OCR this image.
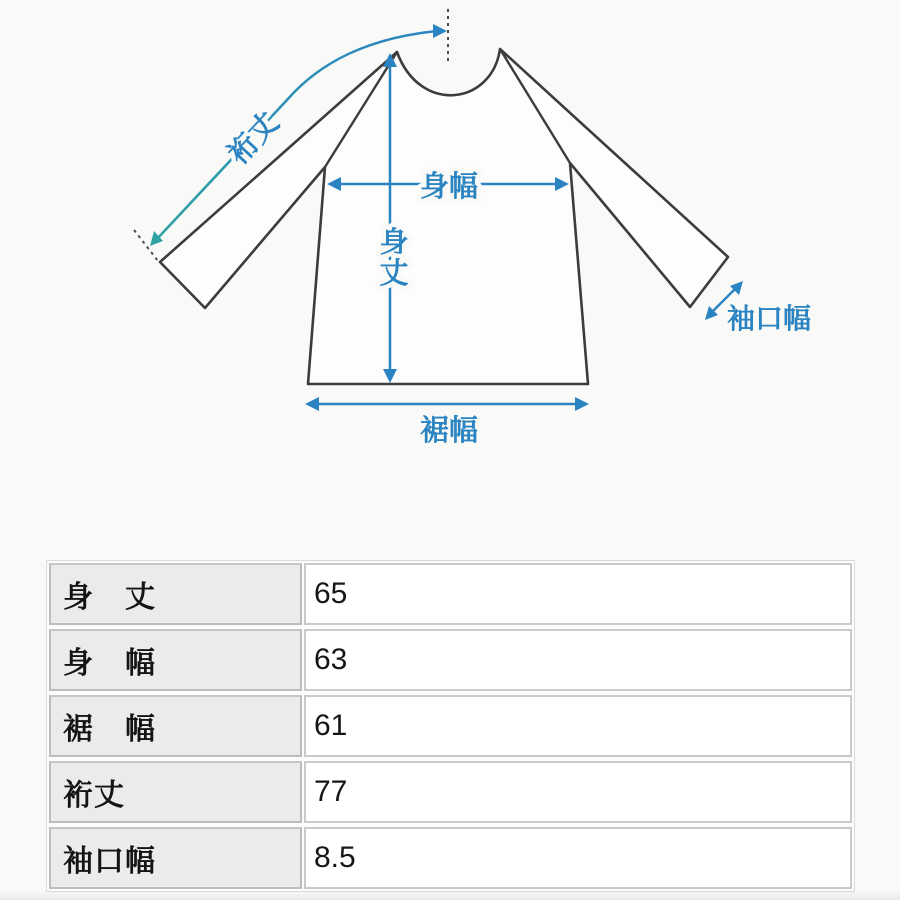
裄丈
身幅
身
丈
裾幅
袖口幅
身　丈	65
身　幅	63
裾　幅	61
裄丈	77
袖口幅	8.5
